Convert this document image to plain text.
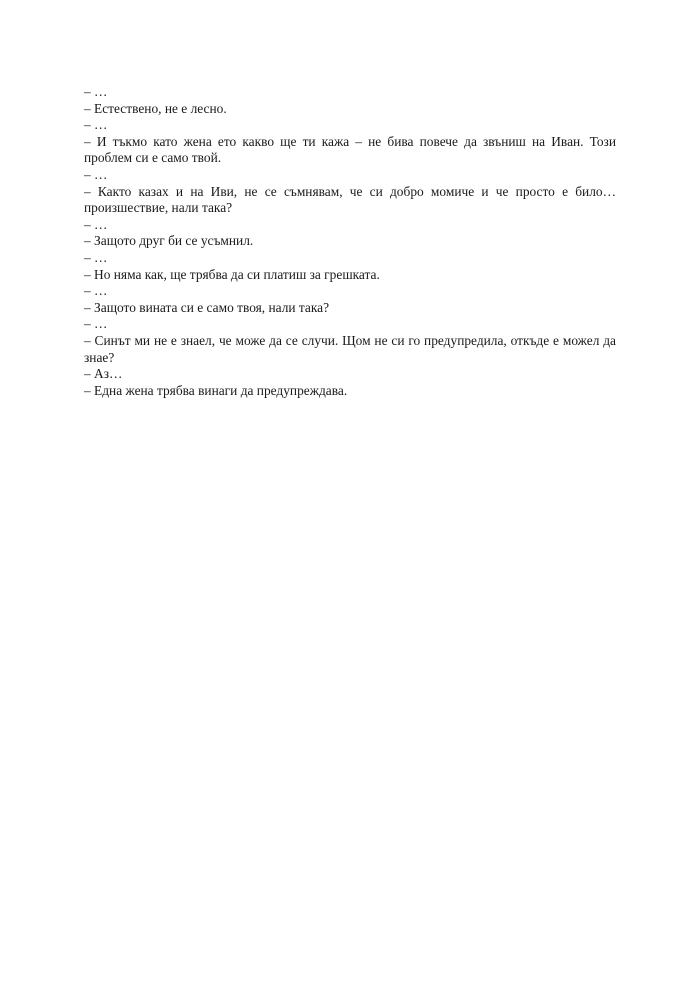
– …

– Естествено, не е лесно.

– …

– И тъкмо като жена ето какво ще ти кажа – не бива повече да звъниш на Иван. Този проблем си е само твой.

– …

– Както казах и на Иви, не се съмнявам, че си добро момиче и че просто е било… произшествие, нали така?

– …

– Защото друг би се усъмнил.

– …

– Но няма как, ще трябва да си платиш за грешката.

– …

– Защото вината си е само твоя, нали така?

– …

– Синът ми не е знаел, че може да се случи. Щом не си го предупредила, откъде е можел да знае?

– Аз…

– Една жена трябва винаги да предупреждава.
